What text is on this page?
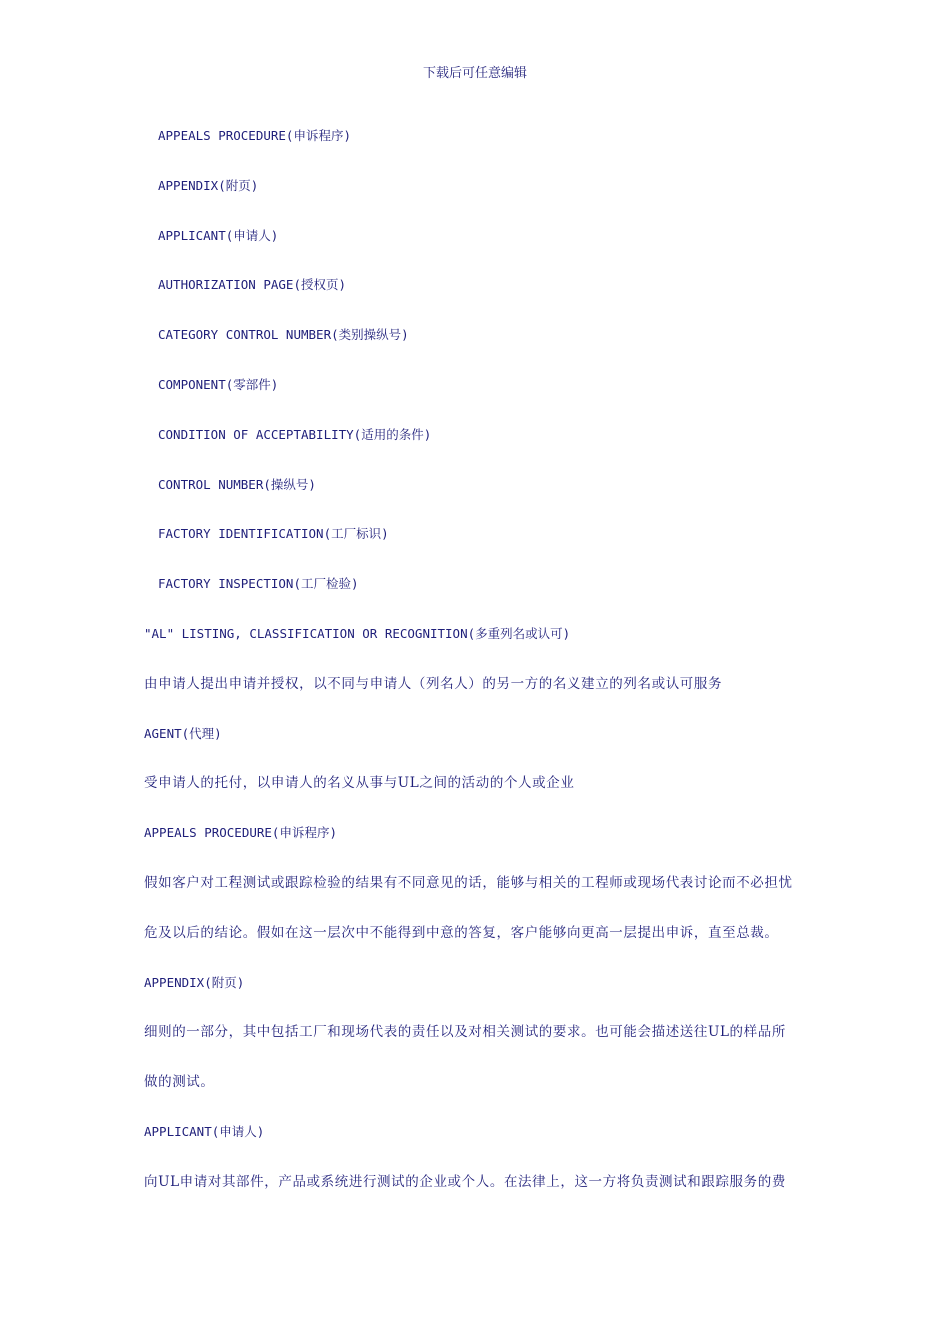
下载后可任意编辑
APPEALS PROCEDURE(申诉程序)
APPENDIX(附页)
APPLICANT(申请人)
AUTHORIZATION PAGE(授权页)
CATEGORY CONTROL NUMBER(类别操纵号)
COMPONENT(零部件)
CONDITION OF ACCEPTABILITY(适用的条件)
CONTROL NUMBER(操纵号)
FACTORY IDENTIFICATION(工厂标识)
FACTORY INSPECTION(工厂检验)
"AL" LISTING, CLASSIFICATION OR RECOGNITION(多重列名或认可)
由申请人提出申请并授权，以不同与申请人（列名人）的另一方的名义建立的列名或认可服务
AGENT(代理)
受申请人的托付，以申请人的名义从事与UL之间的活动的个人或企业
APPEALS PROCEDURE(申诉程序)
假如客户对工程测试或跟踪检验的结果有不同意见的话，能够与相关的工程师或现场代表讨论而不必担忧
危及以后的结论。假如在这一层次中不能得到中意的答复，客户能够向更高一层提出申诉，直至总裁。
APPENDIX(附页)
细则的一部分，其中包括工厂和现场代表的责任以及对相关测试的要求。也可能会描述送往UL的样品所
做的测试。
APPLICANT(申请人)
向UL申请对其部件，产品或系统进行测试的企业或个人。在法律上，这一方将负责测试和跟踪服务的费
